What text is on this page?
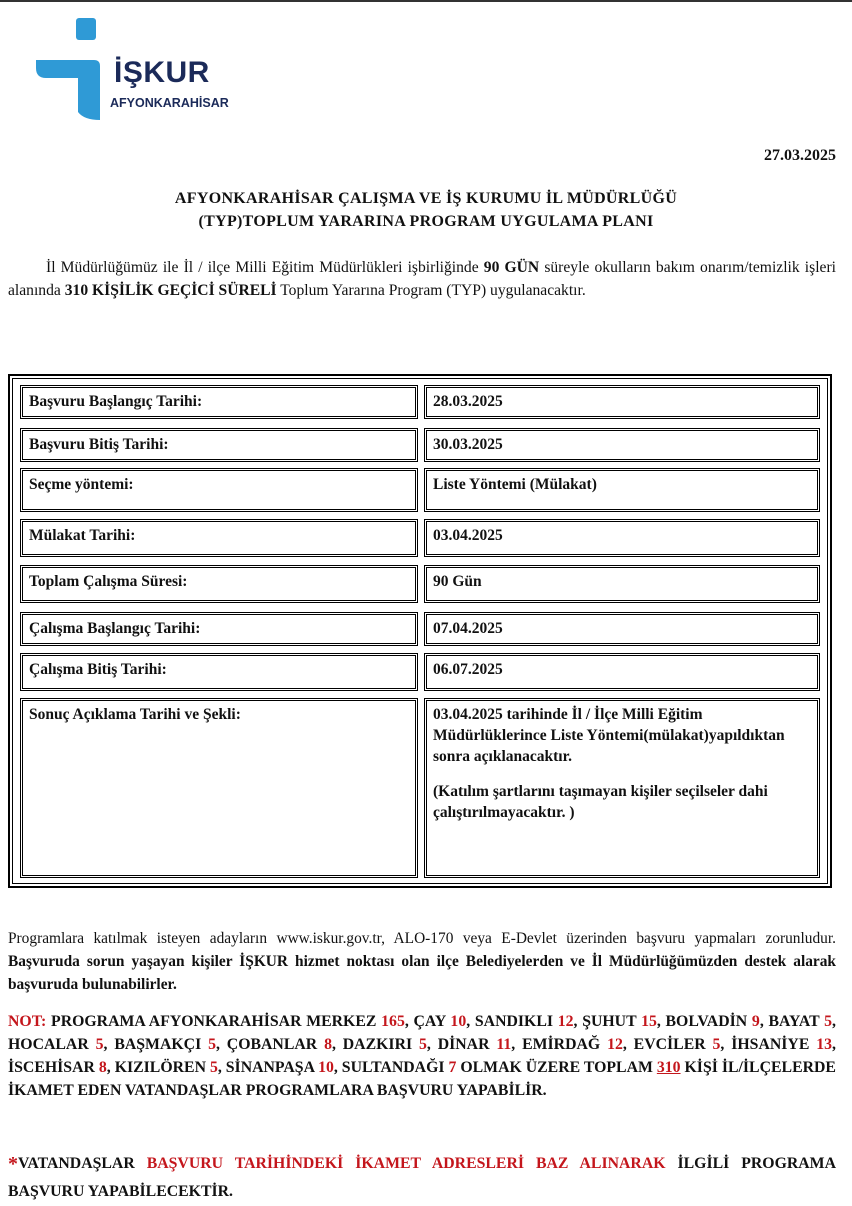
İŞKUR
AFYONKARAHİSAR
27.03.2025
AFYONKARAHİSAR ÇALIŞMA VE İŞ KURUMU İL MÜDÜRLÜĞÜ
(TYP)TOPLUM YARARINA PROGRAM UYGULAMA PLANI
İl Müdürlüğümüz ile İl / ilçe Milli Eğitim Müdürlükleri işbirliğinde 90 GÜN süreyle okulların bakım onarım/temizlik işleri alanında 310 KİŞİLİK GEÇİCİ SÜRELİ Toplum Yararına Program (TYP) uygulanacaktır.
Başvuru Başlangıç Tarihi:	28.03.2025
Başvuru Bitiş Tarihi:	30.03.2025
Seçme yöntemi:	Liste Yöntemi (Mülakat)
Mülakat Tarihi:	03.04.2025
Toplam Çalışma Süresi:	90 Gün
Çalışma Başlangıç Tarihi:	07.04.2025
Çalışma Bitiş Tarihi:	06.07.2025
Sonuç Açıklama Tarihi ve Şekli:	03.04.2025 tarihinde İl / İlçe Milli Eğitim Müdürlüklerince Liste Yöntemi(mülakat)yapıldıktan sonra açıklanacaktır.
(Katılım şartlarını taşımayan kişiler seçilseler dahi çalıştırılmayacaktır. )
Programlara katılmak isteyen adayların www.iskur.gov.tr, ALO-170 veya E-Devlet üzerinden başvuru yapmaları zorunludur. Başvuruda sorun yaşayan kişiler İŞKUR hizmet noktası olan ilçe Belediyelerden ve İl Müdürlüğümüzden destek alarak başvuruda bulunabilirler.
NOT: PROGRAMA AFYONKARAHİSAR MERKEZ 165, ÇAY 10, SANDIKLI 12, ŞUHUT 15, BOLVADİN 9, BAYAT 5, HOCALAR 5, BAŞMAKÇI 5, ÇOBANLAR 8, DAZKIRI 5, DİNAR 11, EMİRDAĞ 12, EVCİLER 5, İHSANİYE 13, İSCEHİSAR 8, KIZILÖREN 5, SİNANPAŞA 10, SULTANDAĞI 7 OLMAK ÜZERE TOPLAM 310 KİŞİ İL/İLÇELERDE İKAMET EDEN VATANDAŞLAR PROGRAMLARA BAŞVURU YAPABİLİR.
*VATANDAŞLAR BAŞVURU TARİHİNDEKİ İKAMET ADRESLERİ BAZ ALINARAK İLGİLİ PROGRAMA BAŞVURU YAPABİLECEKTİR.
